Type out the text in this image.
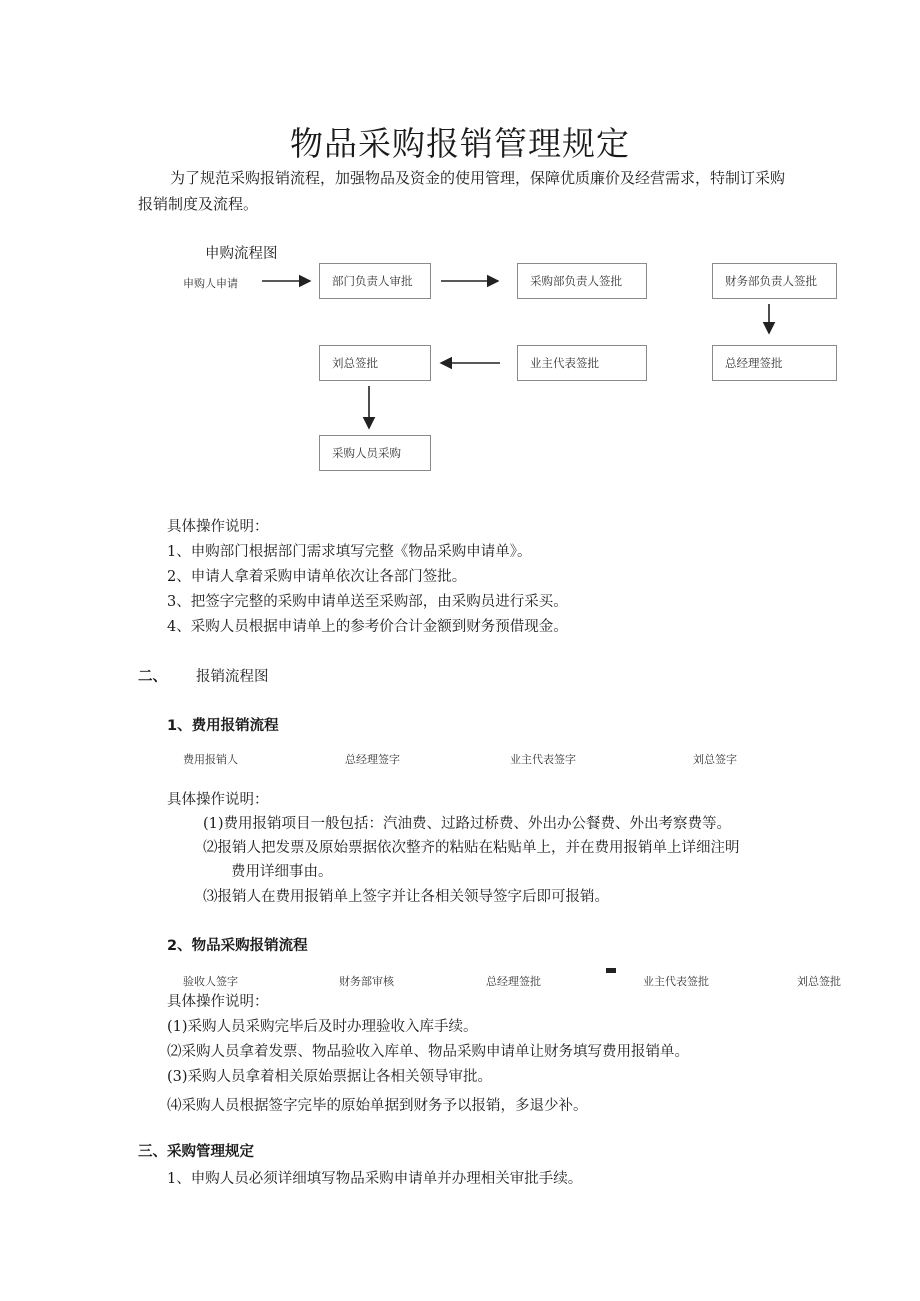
物品采购报销管理规定
为了规范采购报销流程，加强物品及资金的使用管理，保障优质廉价及经营需求，特制订采购报销制度及流程。
申购流程图
申购人申请	部门负责人审批	采购部负责人签批	财务部负责人签批
总经理签批
业主代表签批
刘总签批
采购人员采购
具体操作说明：
1、申购部门根据部门需求填写完整《物品采购申请单》。
2、申请人拿着采购申请单依次让各部门签批。
3、把签字完整的采购申请单送至采购部，由采购员进行采买。
4、采购人员根据申请单上的参考价合计金额到财务预借现金。
二、 报销流程图
1、费用报销流程
费用报销人	总经理签字	业主代表签字	刘总签字
具体操作说明：
(1)费用报销项目一般包括：汽油费、过路过桥费、外出办公餐费、外出考察费等。
⑵报销人把发票及原始票据依次整齐的粘贴在粘贴单上，并在费用报销单上详细注明
费用详细事由。
⑶报销人在费用报销单上签字并让各相关领导签字后即可报销。
2、物品采购报销流程
验收人签字	财务部审核	总经理签批	业主代表签批	刘总签批
具体操作说明：
(1)采购人员采购完毕后及时办理验收入库手续。
⑵采购人员拿着发票、物品验收入库单、物品采购申请单让财务填写费用报销单。
(3)采购人员拿着相关原始票据让各相关领导审批。
⑷采购人员根据签字完毕的原始单据到财务予以报销，多退少补。
三、采购管理规定
1、申购人员必须详细填写物品采购申请单并办理相关审批手续。
